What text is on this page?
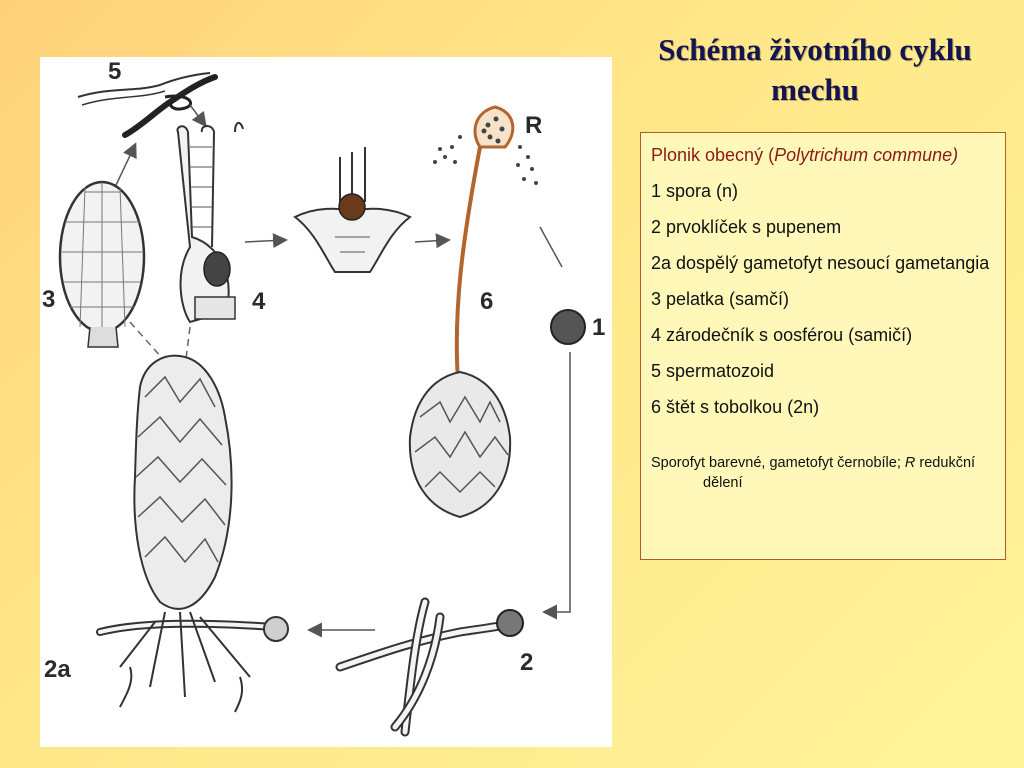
Schéma životního cyklu
mechu
5
3	4	6
1
R
2
2a
Plonik obecný (Polytrichum commune)
1 spora (n)
2 prvoklíček s pupenem
2a dospělý gametofyt nesoucí gametangia
3 pelatka (samčí)
4 zárodečník s oosférou (samičí)
5 spermatozoid
6 štět s tobolkou (2n)
Sporofyt barevné, gametofyt černobíle; R redukční dělení
